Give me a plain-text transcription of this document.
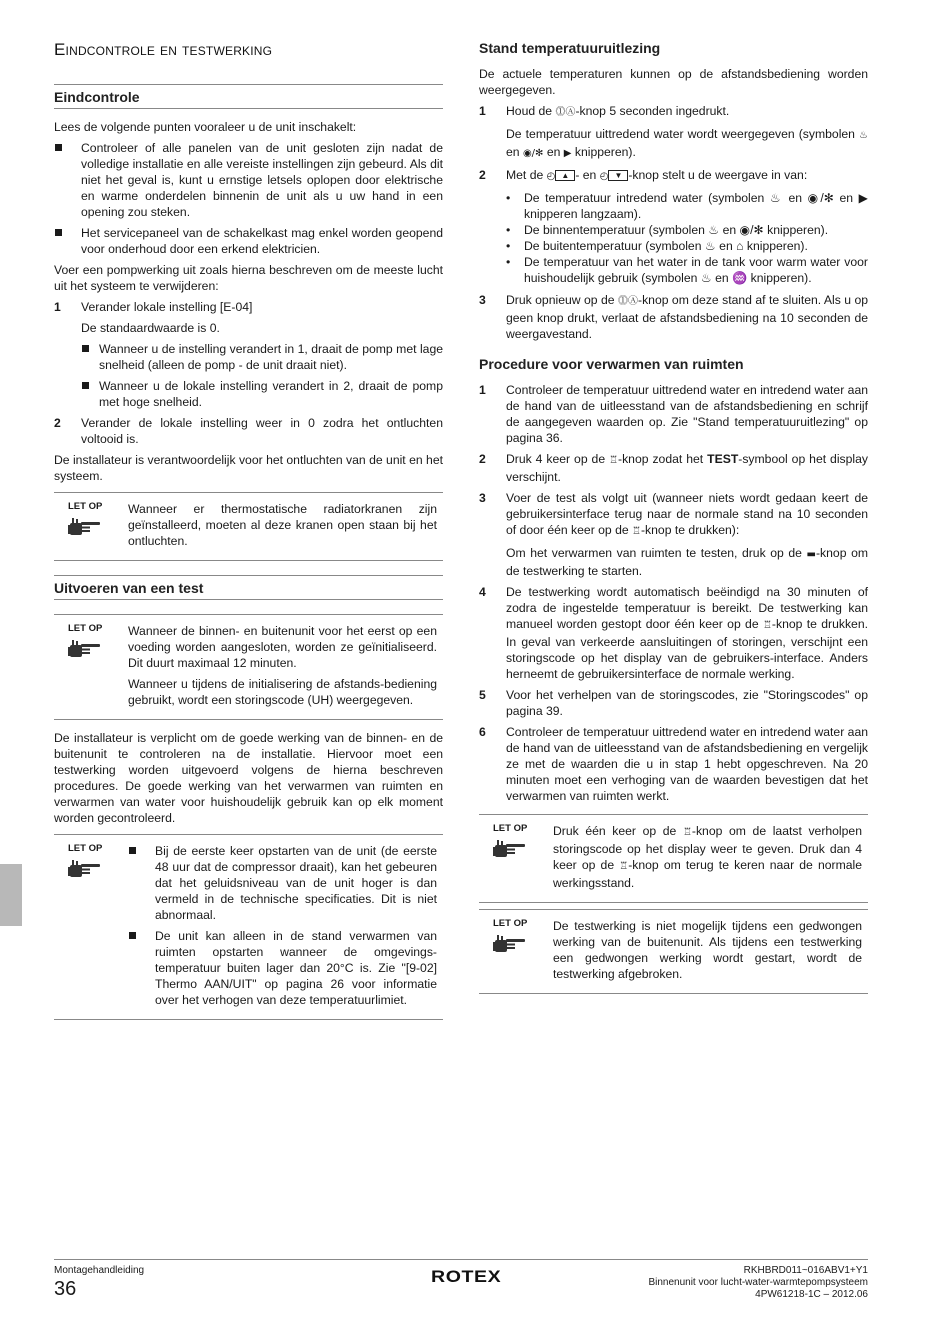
Eindcontrole en testwerking
Eindcontrole

Lees de volgende punten vooraleer u de unit inschakelt:

Controleer of alle panelen van de unit gesloten zijn nadat de volledige installatie en alle vereiste instellingen zijn gebeurd. Als dit niet het geval is, kunt u ernstige letsels oplopen door elektrische en warme onderdelen binnenin de unit als u uw hand in een opening zou steken.

Het servicepaneel van de schakelkast mag enkel worden geopend voor onderhoud door een erkend elektricien.

Voer een pompwerking uit zoals hierna beschreven om de meeste lucht uit het systeem te verwijderen:

1 Verander lokale instelling [E-04]

De standaardwaarde is 0.

Wanneer u de instelling verandert in 1, draait de pomp met lage snelheid (alleen de pomp - de unit draait niet).

Wanneer u de lokale instelling verandert in 2, draait de pomp met hoge snelheid.

2 Verander de lokale instelling weer in 0 zodra het ontluchten voltooid is.

De installateur is verantwoordelijk voor het ontluchten van de unit en het systeem.

LET OP	Wanneer er thermostatische radiatorkranen zijn geïnstalleerd, moeten al deze kranen open staan bij het ontluchten.

Uitvoeren van een test
LET OP	Wanneer de binnen- en buitenunit voor het eerst op een voeding worden aangesloten, worden ze geïnitialiseerd. Dit duurt maximaal 12 minuten.

Wanneer u tijdens de initialisering de afstands-bediening gebruikt, wordt een storingscode (UH) weergegeven.

De installateur is verplicht om de goede werking van de binnen- en de buitenunit te controleren na de installatie. Hiervoor moet een testwerking worden uitgevoerd volgens de hierna beschreven procedures. De goede werking van het verwarmen van ruimten en verwarmen van water voor huishoudelijk gebruik kan op elk moment worden gecontroleerd.

LET OP	Bij de eerste keer opstarten van de unit (de eerste 48 uur dat de compressor draait), kan het gebeuren dat het geluidsniveau van de unit hoger is dan vermeld in de technische specificaties. Dit is niet abnormaal.

De unit kan alleen in de stand verwarmen van ruimten opstarten wanneer de omgevings-temperatuur buiten lager dan 20°C is. Zie "[9-02] Thermo AAN/UIT" op pagina 26 voor informatie over het verhogen van deze temperatuurlimiet.

Stand temperatuuruitlezing

De actuele temperaturen kunnen op de afstandsbediening worden weergegeven.

1 Houd de ⓵Ⓐ-knop 5 seconden ingedrukt.

De temperatuur uittredend water wordt weergegeven (symbolen ♨ en ◉/✻ en ▶ knipperen).

2 Met de ◴ ▲ - en ◴ ▼ -knop stelt u de weergave in van:

• De temperatuur intredend water (symbolen ♨ en ◉/✻ en ▶ knipperen langzaam).
• De binnentemperatuur (symbolen ♨ en ◉/✻ knipperen).
• De buitentemperatuur (symbolen ♨ en ⌂ knipperen).
• De temperatuur van het water in de tank voor warm water voor huishoudelijk gebruik (symbolen ♨ en ♒ knipperen).
3 Druk opnieuw op de ⓵Ⓐ-knop om deze stand af te sluiten. Als u op geen knop drukt, verlaat de afstandsbediening na 10 seconden de weergavestand.

Procedure voor verwarmen van ruimten
1 Controleer de temperatuur uittredend water en intredend water aan de hand van de uitleesstand van de afstandsbediening en schrijf de aangegeven waarden op. Zie "Stand temperatuuruitlezing" op pagina 36.

2 Druk 4 keer op de ♖-knop zodat het TEST-symbool op het display verschijnt.

3 Voer de test als volgt uit (wanneer niets wordt gedaan keert de gebruikersinterface terug naar de normale stand na 10 seconden of door één keer op de ♖-knop te drukken):

Om het verwarmen van ruimten te testen, druk op de ▬-knop om de testwerking te starten.

4 De testwerking wordt automatisch beëindigd na 30 minuten of zodra de ingestelde temperatuur is bereikt. De testwerking kan manueel worden gestopt door één keer op de ♖-knop te drukken. In geval van verkeerde aansluitingen of storingen, verschijnt een storingscode op het display van de gebruikers-interface. Anders herneemt de gebruikersinterface de normale werking.

5 Voor het verhelpen van de storingscodes, zie "Storingscodes" op pagina 39.

6 Controleer de temperatuur uittredend water en intredend water aan de hand van de uitleesstand van de afstandsbediening en vergelijk ze met de waarden die u in stap 1 hebt opgeschreven. Na 20 minuten moet een verhoging van de waarden bevestigen dat het verwarmen van ruimten werkt.

LET OP	Druk één keer op de ♖-knop om de laatst verholpen storingscode op het display weer te geven. Druk dan 4 keer op de ♖-knop om terug te keren naar de normale werkingsstand.

LET OP	De testwerking is niet mogelijk tijdens een gedwongen werking van de buitenunit. Als tijdens een testwerking een gedwongen werking wordt gestart, wordt de testwerking afgebroken.

Montagehandleiding
36
ROTEX	RKHBRD011~016ABV1+Y1
Binnenunit voor lucht-water-warmtepompsysteem
4PW61218-1C – 2012.06
